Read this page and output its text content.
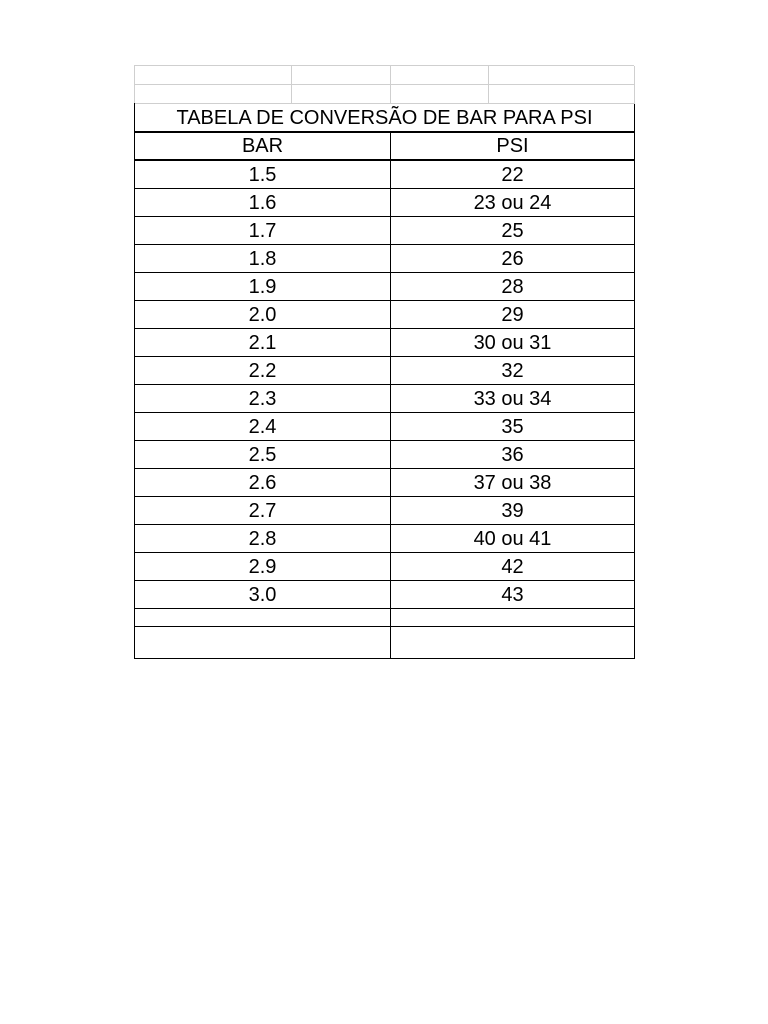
TABELA DE CONVERSÃO DE BAR PARA PSI	
BAR	PSI
1.5	22
1.6	23 ou 24
1.7	25
1.8	26
1.9	28
2.0	29
2.1	30 ou 31
2.2	32
2.3	33 ou 34
2.4	35
2.5	36
2.6	37 ou 38
2.7	39
2.8	40 ou 41
2.9	42
3.0	43
